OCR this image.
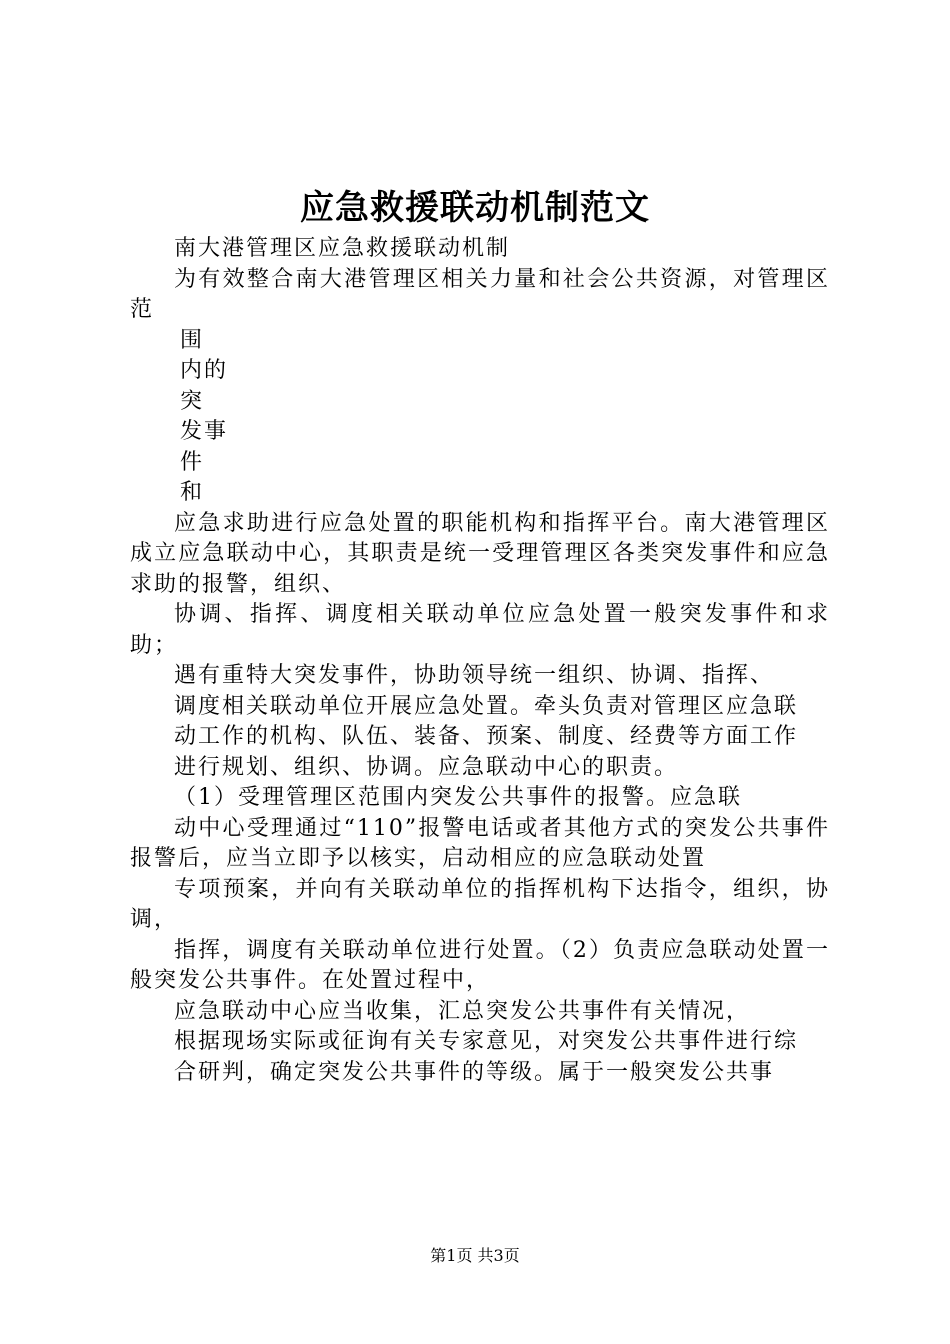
应急救援联动机制范文

南大港管理区应急救援联动机制

为有效整合南大港管理区相关力量和社会公共资源，对管理区范

围

内的

突

发事

件

和

应急求助进行应急处置的职能机构和指挥平台。南大港管理区成立应急联动中心，其职责是统一受理管理区各类突发事件和应急求助的报警，组织、

协调、指挥、调度相关联动单位应急处置一般突发事件和求助；

遇有重特大突发事件，协助领导统一组织、协调、指挥、

调度相关联动单位开展应急处置。牵头负责对管理区应急联

动工作的机构、队伍、装备、预案、制度、经费等方面工作

进行规划、组织、协调。应急联动中心的职责。

（1）受理管理区范围内突发公共事件的报警。应急联

动中心受理通过“110”报警电话或者其他方式的突发公共事件报警后，应当立即予以核实，启动相应的应急联动处置

专项预案，并向有关联动单位的指挥机构下达指令，组织，协调，

指挥，调度有关联动单位进行处置。（2）负责应急联动处置一般突发公共事件。在处置过程中，

应急联动中心应当收集，汇总突发公共事件有关情况，

根据现场实际或征询有关专家意见，对突发公共事件进行综

合研判，确定突发公共事件的等级。属于一般突发公共事

第1页 共3页
